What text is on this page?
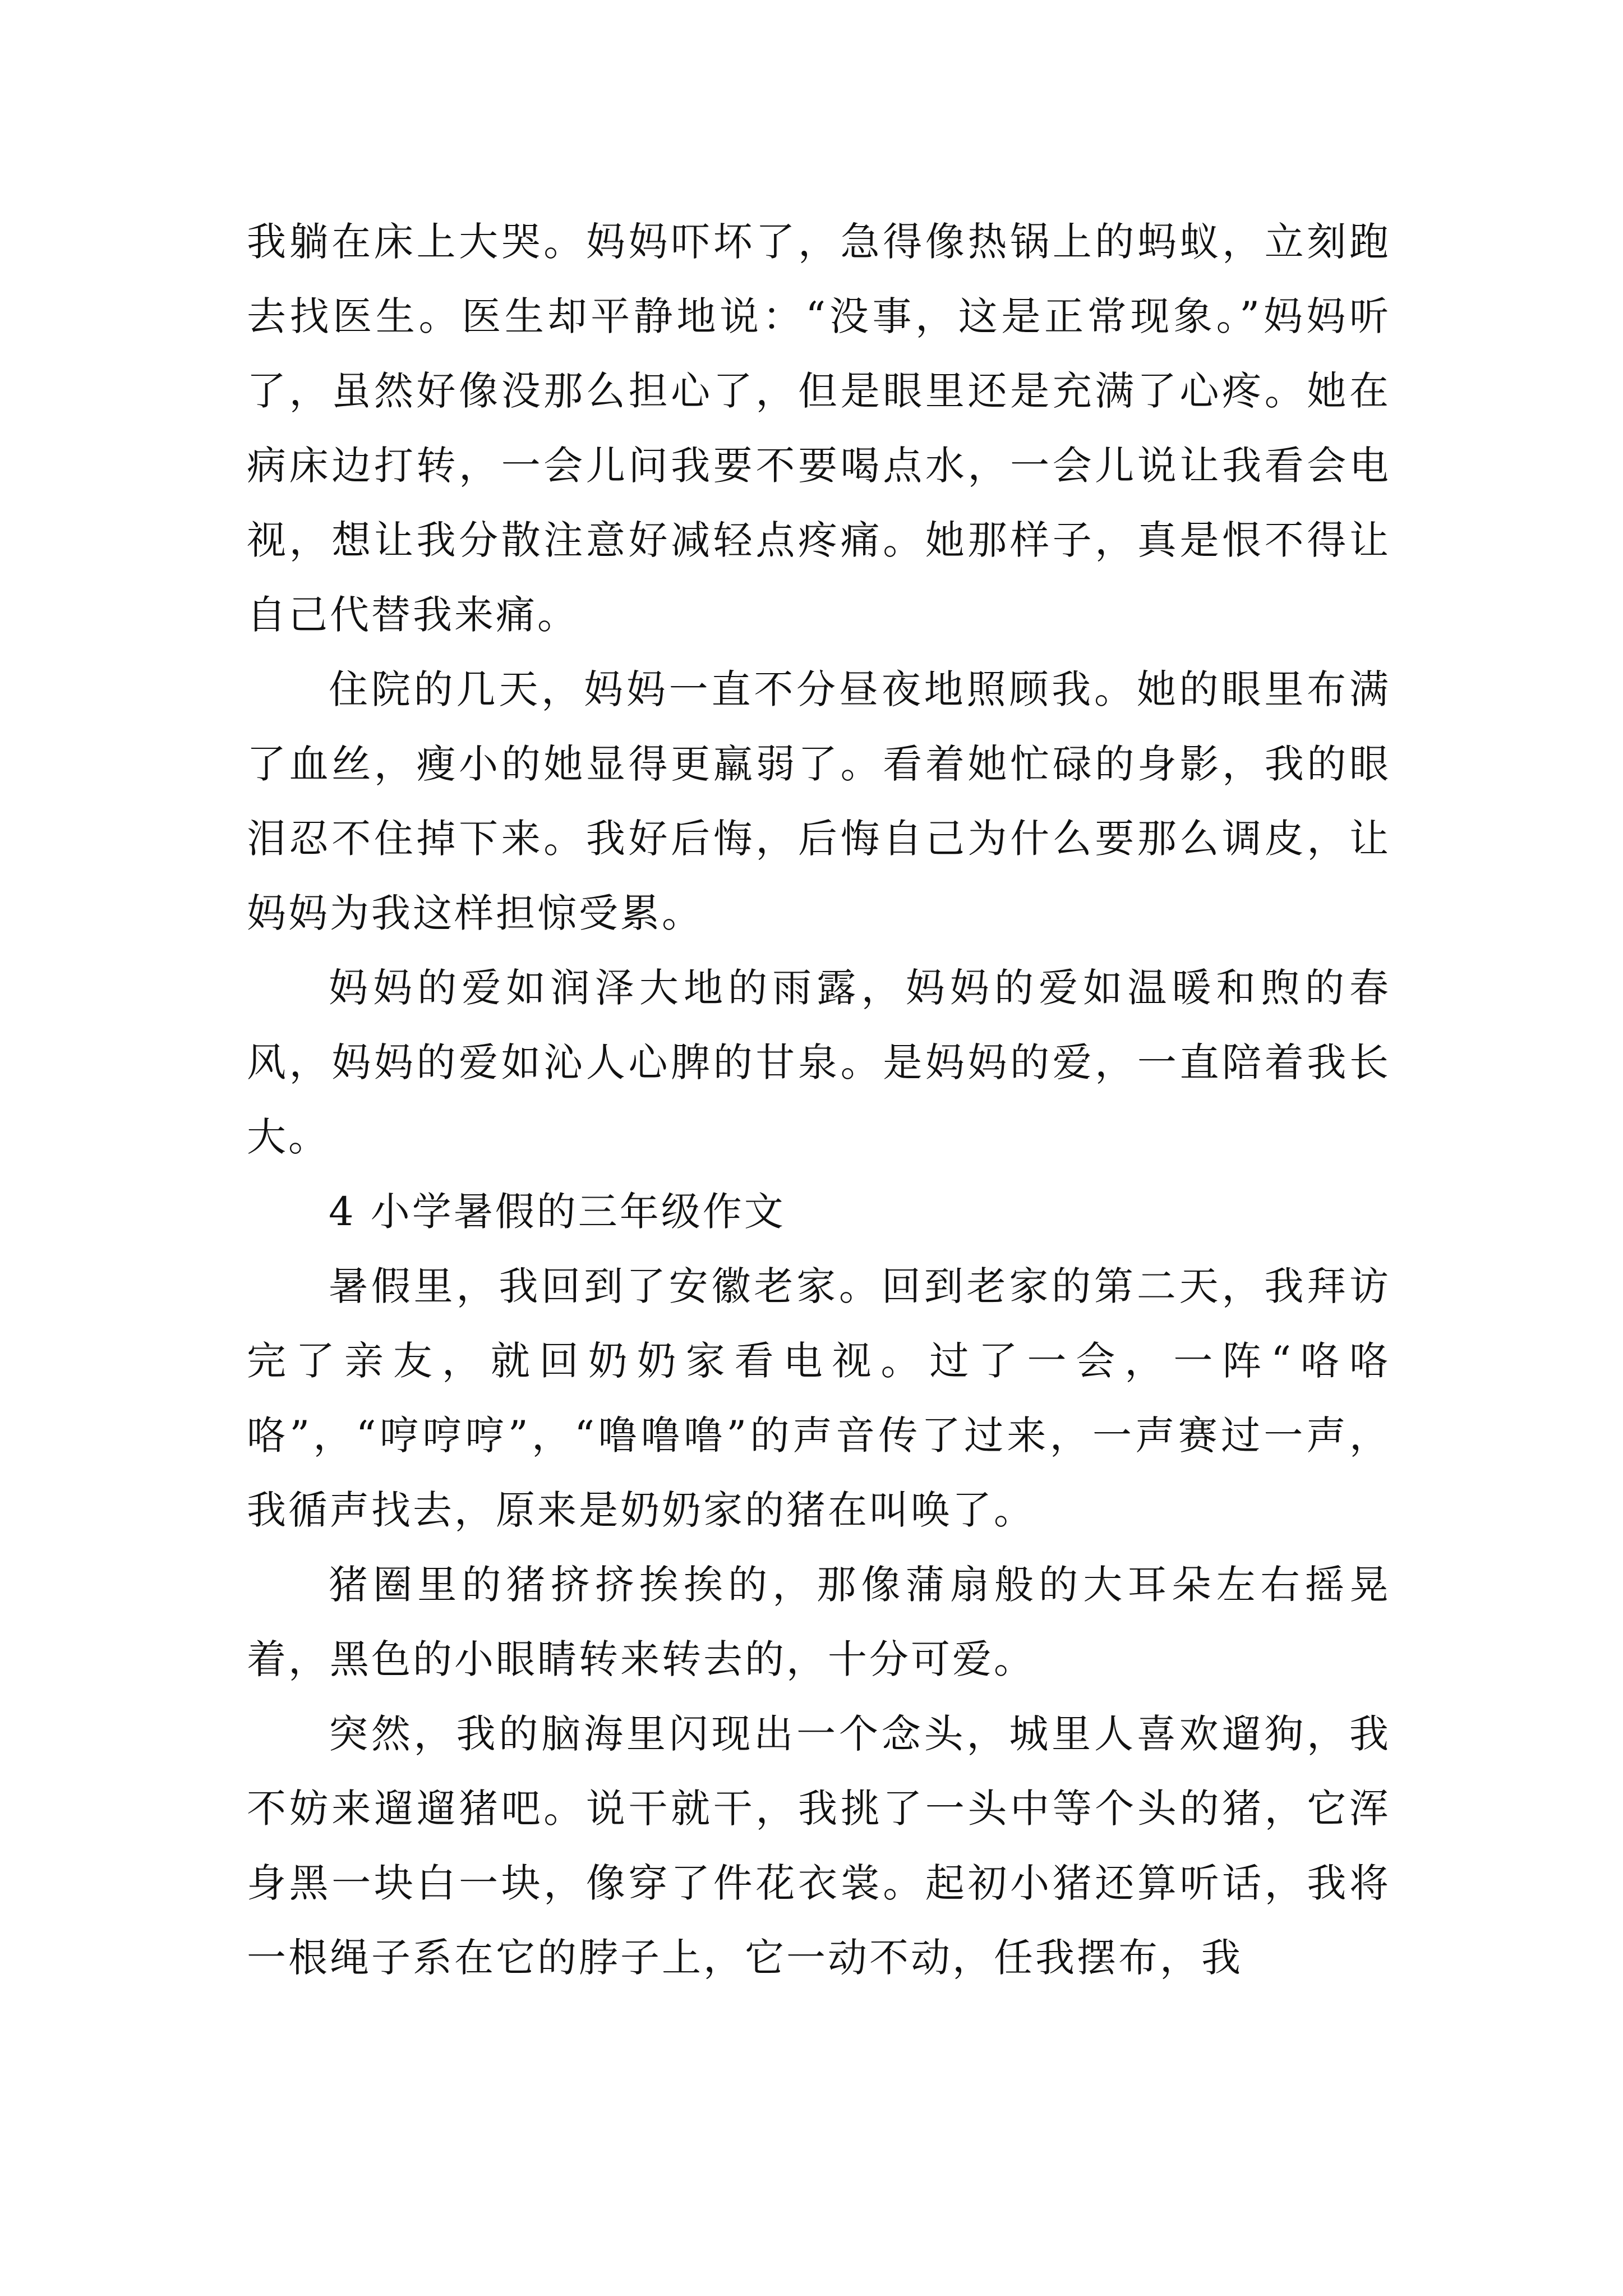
我躺在床上大哭。妈妈吓坏了，急得像热锅上的蚂蚁，立刻跑去找医生。医生却平静地说：“没事，这是正常现象。”妈妈听了，虽然好像没那么担心了，但是眼里还是充满了心疼。她在病床边打转，一会儿问我要不要喝点水，一会儿说让我看会电视，想让我分散注意好减轻点疼痛。她那样子，真是恨不得让自己代替我来痛。

住院的几天，妈妈一直不分昼夜地照顾我。她的眼里布满了血丝，瘦小的她显得更羸弱了。看着她忙碌的身影，我的眼泪忍不住掉下来。我好后悔，后悔自己为什么要那么调皮，让妈妈为我这样担惊受累。

妈妈的爱如润泽大地的雨露，妈妈的爱如温暖和煦的春风，妈妈的爱如沁人心脾的甘泉。是妈妈的爱，一直陪着我长大。

4 小学暑假的三年级作文

暑假里，我回到了安徽老家。回到老家的第二天，我拜访完了亲友，就回奶奶家看电视。过了一会，一阵“咯咯咯”，“哼哼哼”，“噜噜噜”的声音传了过来，一声赛过一声，我循声找去，原来是奶奶家的猪在叫唤了。

猪圈里的猪挤挤挨挨的，那像蒲扇般的大耳朵左右摇晃着，黑色的小眼睛转来转去的，十分可爱。

突然，我的脑海里闪现出一个念头，城里人喜欢遛狗，我不妨来遛遛猪吧。说干就干，我挑了一头中等个头的猪，它浑身黑一块白一块，像穿了件花衣裳。起初小猪还算听话，我将一根绳子系在它的脖子上，它一动不动，任我摆布，我
